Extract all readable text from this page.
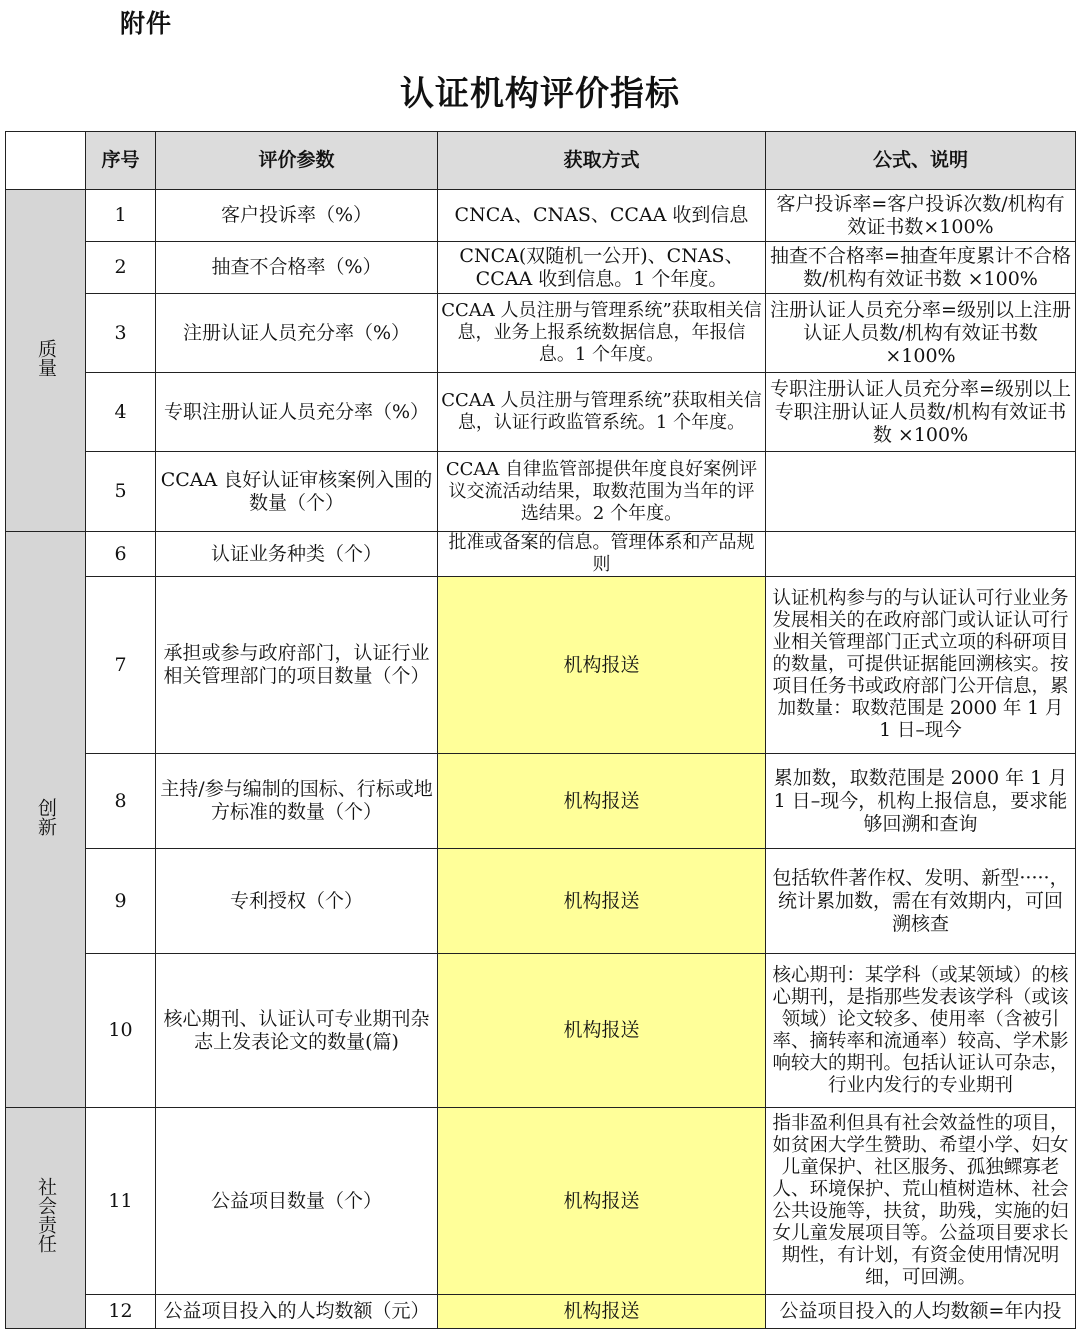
附件
认证机构评价指标
	序号	评价参数	获取方式	公式、说明
质量	1	客户投诉率（%）	CNCA、CNAS、CCAA 收到信息	客户投诉率=客户投诉次数/机构有效证书数×100%
	2	抽查不合格率（%）	CNCA(双随机一公开)、CNAS、CCAA 收到信息。1 个年度。	抽查不合格率=抽查年度累计不合格数/机构有效证书数 ×100%
	3	注册认证人员充分率（%）	CCAA 人员注册与管理系统”获取相关信息，业务上报系统数据信息，年报信息。1 个年度。	注册认证人员充分率=级别以上注册认证人员数/机构有效证书数 ×100%
	4	专职注册认证人员充分率（%）	CCAA 人员注册与管理系统”获取相关信息，认证行政监管系统。1 个年度。	专职注册认证人员充分率=级别以上专职注册认证人员数/机构有效证书数 ×100%
	5	CCAA 良好认证审核案例入围的数量（个）	CCAA 自律监管部提供年度良好案例评议交流活动结果，取数范围为当年的评选结果。2 个年度。	
创新	6	认证业务种类（个）	批准或备案的信息。管理体系和产品规则	
	7	承担或参与政府部门，认证行业相关管理部门的项目数量（个）	机构报送	认证机构参与的与认证认可行业业务发展相关的在政府部门或认证认可行业相关管理部门正式立项的科研项目的数量，可提供证据能回溯核实。按项目任务书或政府部门公开信息，累加数量：取数范围是 2000 年 1 月 1 日–现今
	8	主持/参与编制的国标、行标或地方标准的数量（个）	机构报送	累加数，取数范围是 2000 年 1 月 1 日–现今，机构上报信息，要求能够回溯和查询
	9	专利授权（个）	机构报送	包括软件著作权、发明、新型·····，统计累加数，需在有效期内，可回溯核查
	10	核心期刊、认证认可专业期刊杂志上发表论文的数量(篇)	机构报送	核心期刊：某学科（或某领域）的核心期刊，是指那些发表该学科（或该领域）论文较多、使用率（含被引率、摘转率和流通率）较高、学术影响较大的期刊。包括认证认可杂志，行业内发行的专业期刊
社会责任	11	公益项目数量（个）	机构报送	指非盈利但具有社会效益性的项目，如贫困大学生赞助、希望小学、妇女儿童保护、社区服务、孤独鳏寡老人、环境保护、荒山植树造林、社会公共设施等，扶贫，助残，实施的妇女儿童发展项目等。公益项目要求长期性，有计划，有资金使用情况明细，可回溯。
	12	公益项目投入的人均数额（元）	机构报送	公益项目投入的人均数额=年内投
